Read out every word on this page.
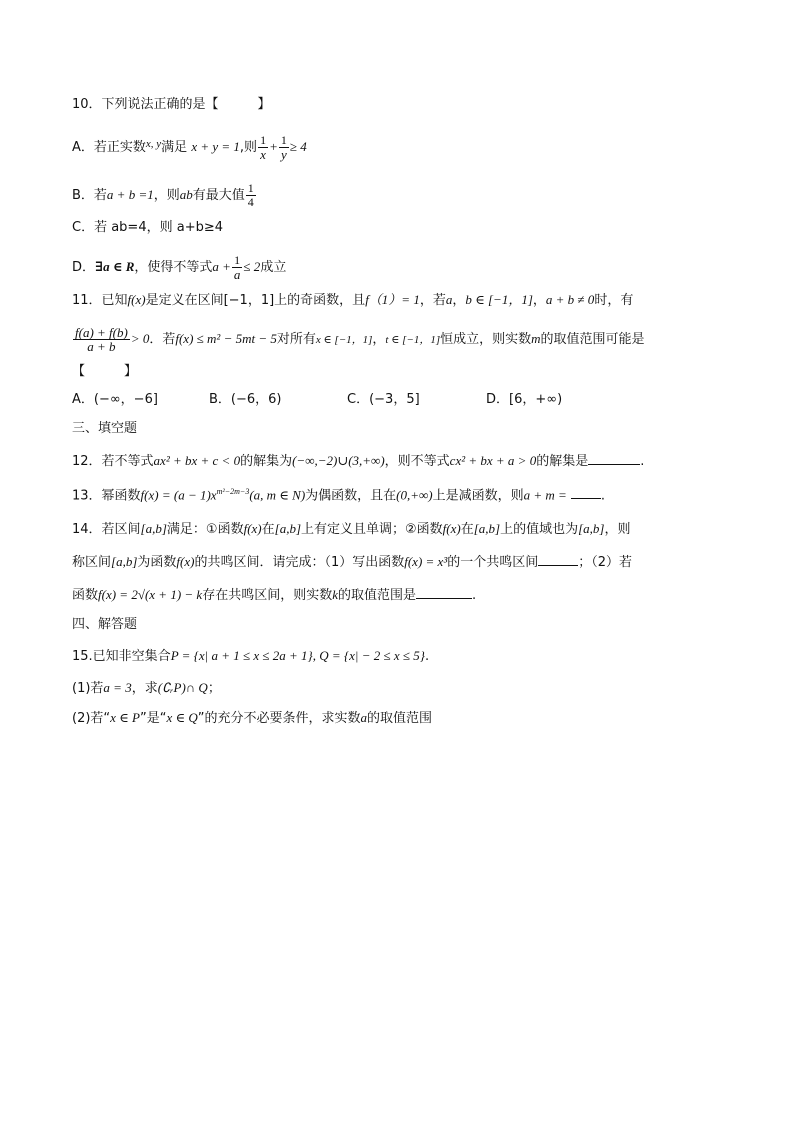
10．下列说法正确的是【　　　】
A．若正实数$^{x, y}$满足 x + y = 1,则 $\frac{1}{x} + \frac{1}{y} \ge 4$
B．若a + b =1，则ab有最大值 $\frac{1}{4}$
C．若 ab=4，则 a+b≥4
D．∃a ∈ R，使得不等式$a + \frac{1}{a} \le 2$成立
11．已知f(x)是定义在区间[−1，1]上的奇函数，且f（1）= 1，若a，b ∈ [−1，1]，a + b ≠ 0时，有
$\frac{f(a) + f(b)}{a + b} > 0$．若f(x) ≤ m² − 5mt − 5对所有x ∈ [−1，1]，t ∈ [−1，1]恒成立，则实数m的取值范围可能是
【　　　】
A．(−∞，−6]	B．(−6，6)	C．(−3，5]	D．[6，+∞)
三、填空题
12．若不等式ax² + bx + c < 0的解集为(−∞,−2)∪(3,+∞)，则不等式cx² + bx + a > 0的解集是	.
13．幂函数$f(x) = (a - 1)x^{m^2-2m-3}(a$, m ∈ N)为偶函数，且在(0,+∞)上是减函数，则a + m =	.
14．若区间[a,b]满足：①函数f(x)在[a,b]上有定义且单调；②函数f(x)在[a,b]上的值域也为[a,b]，则
称区间[a,b]为函数f(x)的共鸣区间．请完成：（1）写出函数f(x) = x³的一个共鸣区间	；（2）若
函数f(x) = 2√(x + 1) − k存在共鸣区间，则实数k的取值范围是	.
四、解答题
15.已知非空集合P = {x| a + 1 ≤ x ≤ 2a + 1}, Q = {x| − 2 ≤ x ≤ 5}.
(1)若a = 3，求(∁ᵣP)∩ Q；
(2)若“x ∈ P”是“x ∈ Q”的充分不必要条件，求实数a的取值范围
